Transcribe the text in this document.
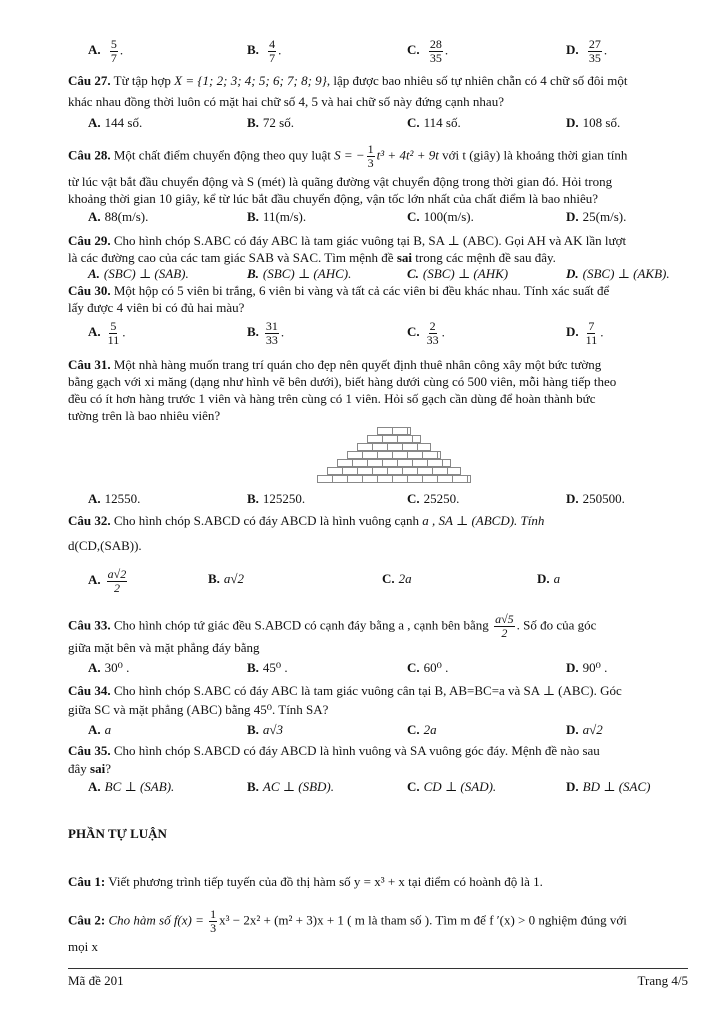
A. $\frac{5}{7}$ .	B. $\frac{4}{7}$ .	C. $\frac{28}{35}$ .	D. $\frac{27}{35}$ .
Câu 27. Từ tập hợp X = {1; 2; 3; 4; 5; 6; 7; 8; 9}, lập được bao nhiêu số tự nhiên chẵn có 4 chữ số đôi một
khác nhau đồng thời luôn có mặt hai chữ số 4, 5 và hai chữ số này đứng cạnh nhau?
A. 144 số.	B. 72 số.	C. 114 số.	D. 108 số.
Câu 28. Một chất điểm chuyển động theo quy luật S = − $\frac{1}{3} t^3 + 4t^2 + 9t$ với t (giây) là khoảng thời gian tính
từ lúc vật bắt đầu chuyển động và S (mét) là quãng đường vật chuyển động trong thời gian đó. Hỏi trong
khoảng thời gian 10 giây, kể từ lúc bắt đầu chuyển động, vận tốc lớn nhất của chất điểm là bao nhiêu?
A. 88(m/s).	B. 11(m/s).	C. 100(m/s).	D. 25(m/s).
Câu 29. Cho hình chóp S.ABC có đáy ABC là tam giác vuông tại B, SA ⊥ (ABC). Gọi AH và AK lần lượt
là các đường cao của các tam giác SAB và SAC. Tìm mệnh đề sai trong các mệnh đề sau đây.
A. (SBC) ⊥ (SAB).	B. (SBC) ⊥ (AHC).	C. (SBC) ⊥ (AHK)	D. (SBC) ⊥ (AKB).
Câu 30. Một hộp có 5 viên bi trắng, 6 viên bi vàng và tất cả các viên bi đều khác nhau. Tính xác suất để
lấy được 4 viên bi có đủ hai màu?
A. $\frac{5}{11}$ .	B. $\frac{31}{33}$ .	C. $\frac{2}{33}$ .	D. $\frac{7}{11}$ .
Câu 31. Một nhà hàng muốn trang trí quán cho đẹp nên quyết định thuê nhân công xây một bức tường
bằng gạch với xi măng (dạng như hình vẽ bên dưới), biết hàng dưới cùng có 500 viên, mỗi hàng tiếp theo
đều có ít hơn hàng trước 1 viên và hàng trên cùng có 1 viên. Hỏi số gạch cần dùng để hoàn thành bức
tường trên là bao nhiêu viên?
A. 12550.	B. 125250.	C. 25250.	D. 250500.
Câu 32. Cho hình chóp S.ABCD có đáy ABCD là hình vuông cạnh a , SA ⊥ (ABCD). Tính
d(CD,(SAB)).
A. $\frac{a√2}{2}$	B. a√2	C. 2a	D. a
Câu 33. Cho hình chóp tứ giác đều S.ABCD có cạnh đáy bằng a , cạnh bên bằng $\frac{a√5}{2}$ . Số đo của góc
giữa mặt bên và mặt phẳng đáy bằng
A. 30⁰ .	B. 45⁰ .	C. 60⁰ .	D. 90⁰ .
Câu 34. Cho hình chóp S.ABC có đáy ABC là tam giác vuông cân tại B, AB=BC=a và SA ⊥ (ABC). Góc
giữa SC và mặt phẳng (ABC) bằng 45⁰. Tính SA?
A. a	B. a√3	C. 2a	D. a√2
Câu 35. Cho hình chóp S.ABCD có đáy ABCD là hình vuông và SA vuông góc đáy. Mệnh đề nào sau
đây sai?
A. BC ⊥ (SAB).	B. AC ⊥ (SBD).	C. CD ⊥ (SAD).	D. BD ⊥ (SAC)
PHẦN TỰ LUẬN
Câu 1: Viết phương trình tiếp tuyến của đồ thị hàm số y = x³ + x tại điểm có hoành độ là 1.
Câu 2: Cho hàm số $f(x) = \frac{1}{3} x^3 - 2x^2 + (m^2 + 3)x + 1$ ( m là tham số ). Tìm m để f ′(x) > 0 nghiệm đúng với
mọi x
Mã đề 201	Trang 4/5
